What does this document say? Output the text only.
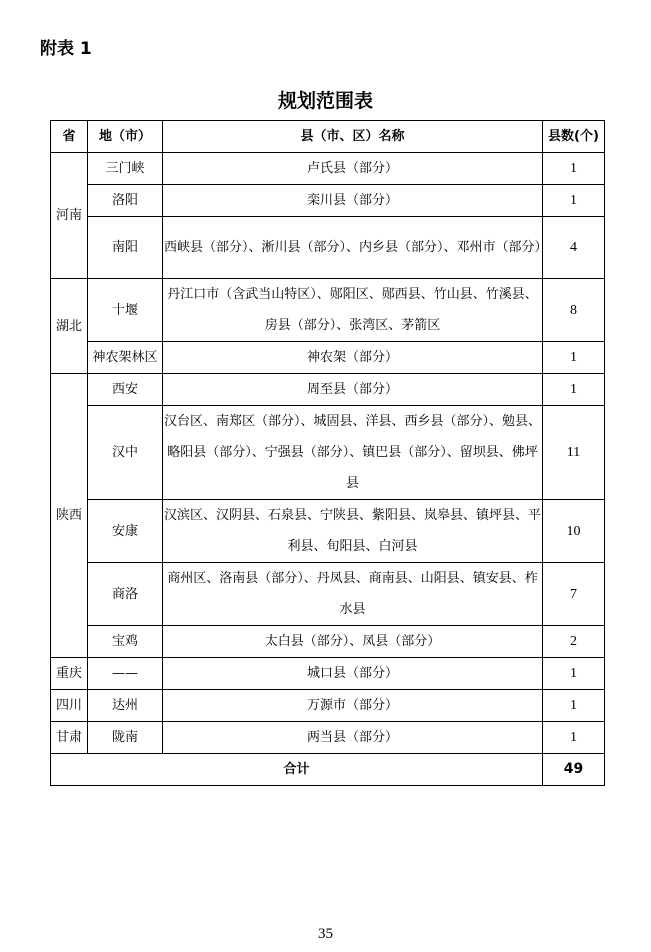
附表 1
规划范围表
省	地（市）	县（市、区）名称	县数(个)
河南	三门峡	卢氏县（部分）	1
	洛阳	栾川县（部分）	1
	南阳	西峡县（部分）、淅川县（部分）、内乡县（部分）、邓州市（部分）	4
湖北	十堰	丹江口市（含武当山特区）、郧阳区、郧西县、竹山县、竹溪县、房县（部分）、张湾区、茅箭区	8
	神农架林区	神农架（部分）	1
陕西	西安	周至县（部分）	1
	汉中	汉台区、南郑区（部分）、城固县、洋县、西乡县（部分）、勉县、略阳县（部分）、宁强县（部分）、镇巴县（部分）、留坝县、佛坪县	11
	安康	汉滨区、汉阴县、石泉县、宁陕县、紫阳县、岚皋县、镇坪县、平利县、旬阳县、白河县	10
	商洛	商州区、洛南县（部分）、丹凤县、商南县、山阳县、镇安县、柞水县	7
	宝鸡	太白县（部分）、凤县（部分）	2
重庆	——	城口县（部分）	1
四川	达州	万源市（部分）	1
甘肃	陇南	两当县（部分）	1
合计			49
35
